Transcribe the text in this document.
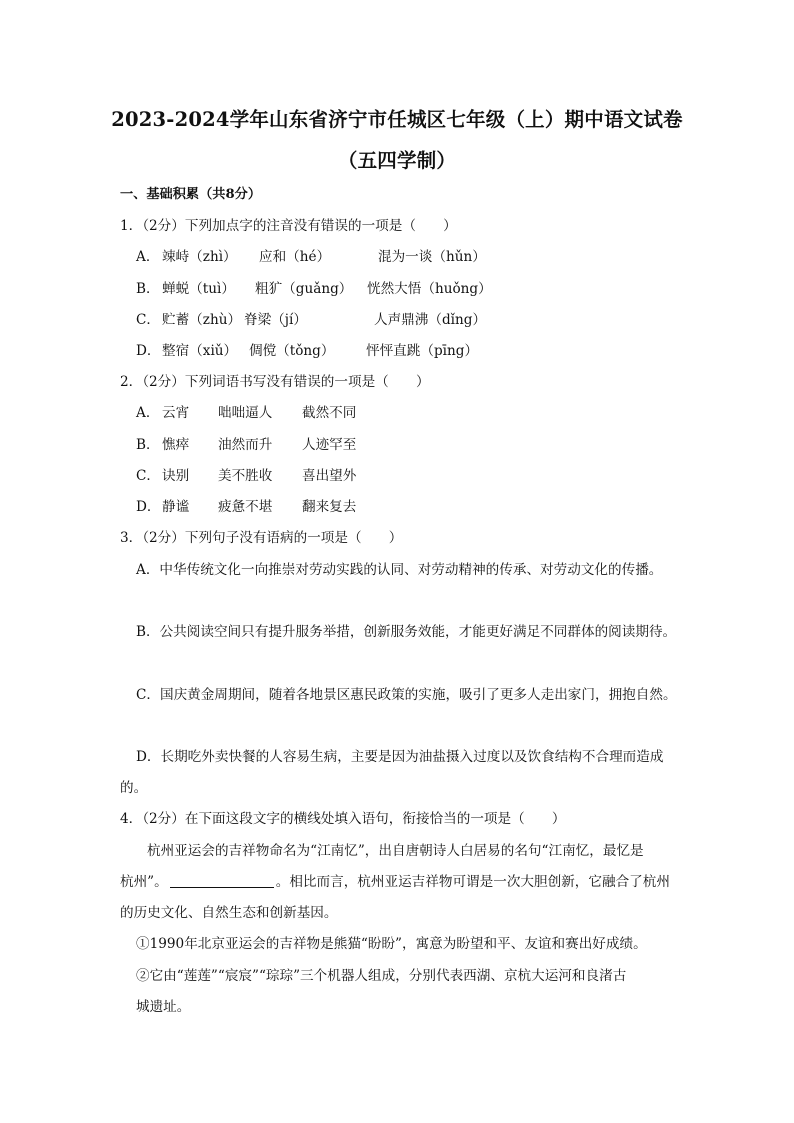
2023-2024学年山东省济宁市任城区七年级（上）期中语文试卷
（五四学制）
一、基础积累（共8分）
1．（2分）下列加点字的注音没有错误的一项是（　　）
A． 竦峙（zhì） 应和（hé）	混为一谈（hǔn）
B． 蝉蜕（tuì） 粗犷（guǎng） 恍然大悟（huǒng）
C． 贮蓄（zhù） 脊梁（jí）	人声鼎沸（dǐng）
D． 整宿（xiǔ） 倜傥（tǒng） 怦怦直跳（pīng）
2．（2分）下列词语书写没有错误的一项是（　　）
A． 云宵 咄咄逼人 截然不同
B． 憔瘁 油然而升 人迹罕至
C． 诀别 美不胜收 喜出望外
D． 静谧 疲惫不堪 翻来复去
3．（2分）下列句子没有语病的一项是（　　）
A．中华传统文化一向推崇对劳动实践的认同、对劳动精神的传承、对劳动文化的传播。
B．公共阅读空间只有提升服务举措，创新服务效能，才能更好满足不同群体的阅读期待。
C．国庆黄金周期间，随着各地景区惠民政策的实施，吸引了更多人走出家门，拥抱自然。
D．长期吃外卖快餐的人容易生病，主要是因为油盐摄入过度以及饮食结构不合理而造成
的。
4．（2分）在下面这段文字的横线处填入语句，衔接恰当的一项是（　　）
杭州亚运会的吉祥物命名为“江南忆”，出自唐朝诗人白居易的名句“江南忆，最忆是
杭州”。	。相比而言，杭州亚运吉祥物可谓是一次大胆创新，它融合了杭州
的历史文化、自然生态和创新基因。
①1990年北京亚运会的吉祥物是熊猫“盼盼”，寓意为盼望和平、友谊和赛出好成绩。
②它由“莲莲”“宸宸”“琮琮”三个机器人组成，分别代表西湖、京杭大运河和良渚古
城遗址。
